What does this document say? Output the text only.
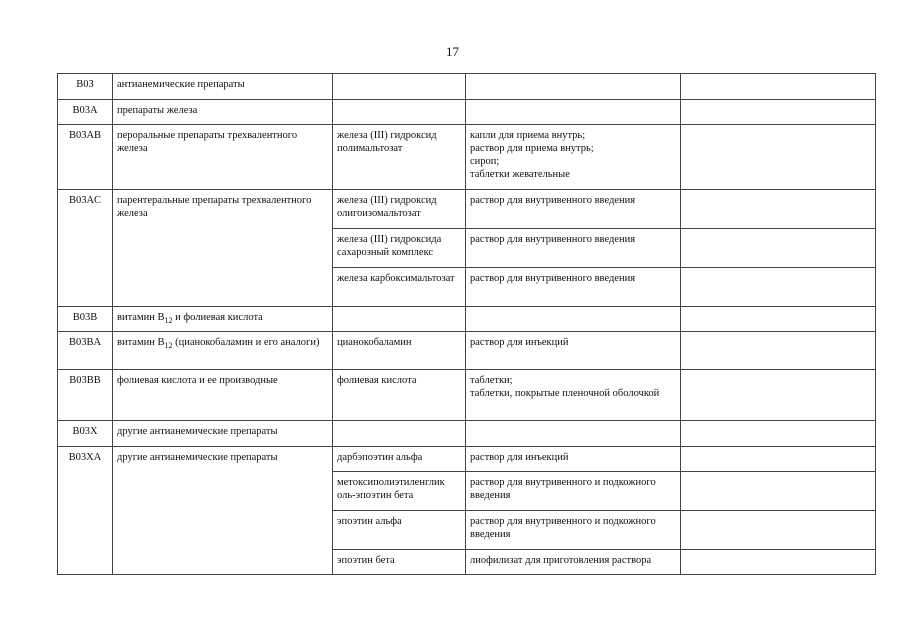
17
B03	антианемические препараты			
B03A	препараты железа			
B03AB	пероральные препараты трехвалентного железа	железа (III) гидроксид полимальтозат	капли для приема внутрь;
раствор для приема внутрь;
сироп;
таблетки жевательные	

B03AC	парентеральные препараты трехвалентного железа	железа (III) гидроксид олигоизомальтозат	раствор для внутривенного введения	
		железа (III) гидроксида сахарозный комплекс	раствор для внутривенного введения	
		железа карбоксимальтозат	раствор для внутривенного введения	
B03B	витамин $B_{12}$ и фолиевая кислота			
B03BA	витамин $B_{12}$ (цианокобаламин и его аналоги)	цианокобаламин	раствор для инъекций	
B03BB	фолиевая кислота и ее производные	фолиевая кислота	таблетки;
таблетки, покрытые пленочной оболочкой	

B03X	другие антианемические препараты			
B03XA	другие антианемические препараты	дарбэпоэтин альфа	раствор для инъекций	
		метоксиполиэтиленглик оль-эпоэтин бета	раствор для внутривенного и подкожного введения	
		эпоэтин альфа	раствор для внутривенного и подкожного введения	
		эпоэтин бета	лиофилизат для приготовления раствора	
